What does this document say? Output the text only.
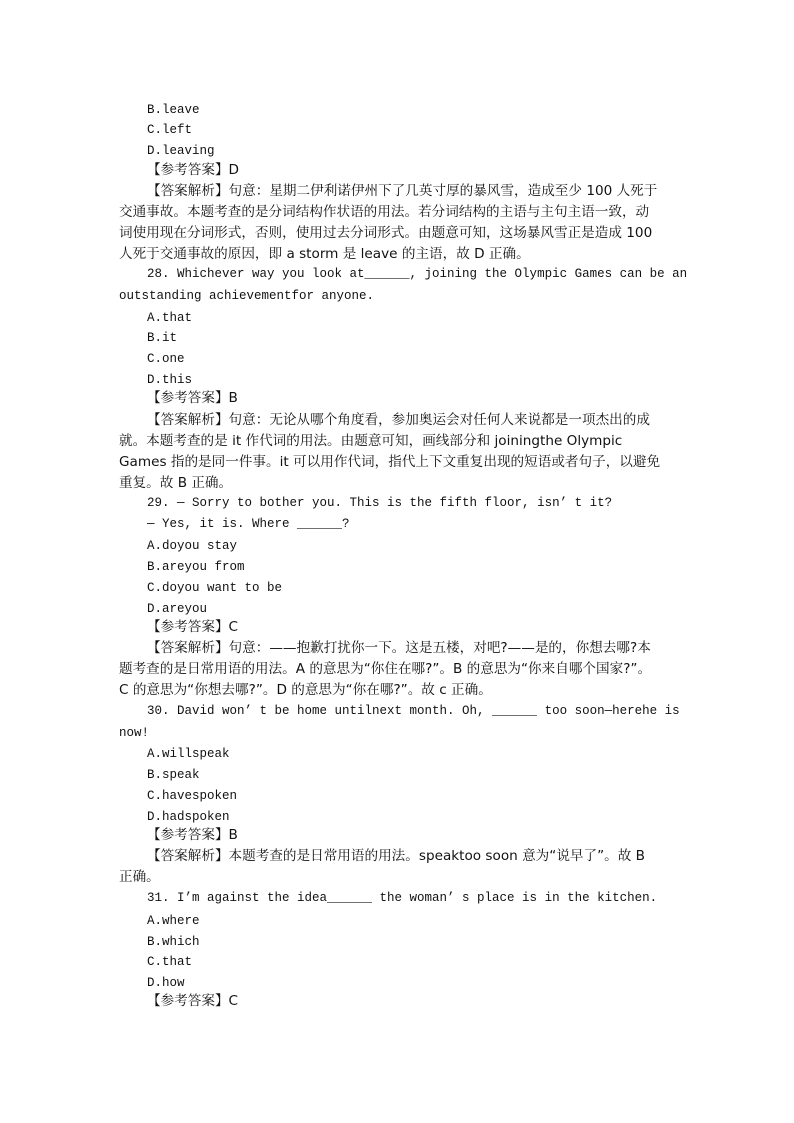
B.leave
C.left
D.leaving
【参考答案】D
【答案解析】句意：星期二伊利诺伊州下了几英寸厚的暴风雪，造成至少 100 人死于
交通事故。本题考查的是分词结构作状语的用法。若分词结构的主语与主句主语一致，动
词使用现在分词形式，否则，使用过去分词形式。由题意可知，这场暴风雪正是造成 100
人死于交通事故的原因，即 a storm 是 leave 的主语，故 D 正确。
28. Whichever way you look at______, joining the Olympic Games can be an
outstanding achievementfor anyone.
A.that
B.it
C.one
D.this
【参考答案】B
【答案解析】句意：无论从哪个角度看，参加奥运会对任何人来说都是一项杰出的成
就。本题考查的是 it 作代词的用法。由题意可知，画线部分和 joiningthe Olympic
Games 指的是同一件事。it 可以用作代词，指代上下文重复出现的短语或者句子，以避免
重复。故 B 正确。
29. — Sorry to bother you. This is the fifth floor, isn’ t it?
— Yes, it is. Where ______?
A.doyou stay
B.areyou from
C.doyou want to be
D.areyou
【参考答案】C
【答案解析】句意：——抱歉打扰你一下。这是五楼，对吧?——是的，你想去哪?本
题考查的是日常用语的用法。A 的意思为“你住在哪?”。B 的意思为“你来自哪个国家?”。
C 的意思为“你想去哪?”。D 的意思为“你在哪?”。故 c 正确。
30. David won’ t be home untilnext month. Oh, ______ too soon—herehe is
now!
A.willspeak
B.speak
C.havespoken
D.hadspoken
【参考答案】B
【答案解析】本题考查的是日常用语的用法。speaktoo soon 意为“说早了”。故 B
正确。
31. I’m against the idea______ the woman’ s place is in the kitchen.
A.where
B.which
C.that
D.how
【参考答案】C
